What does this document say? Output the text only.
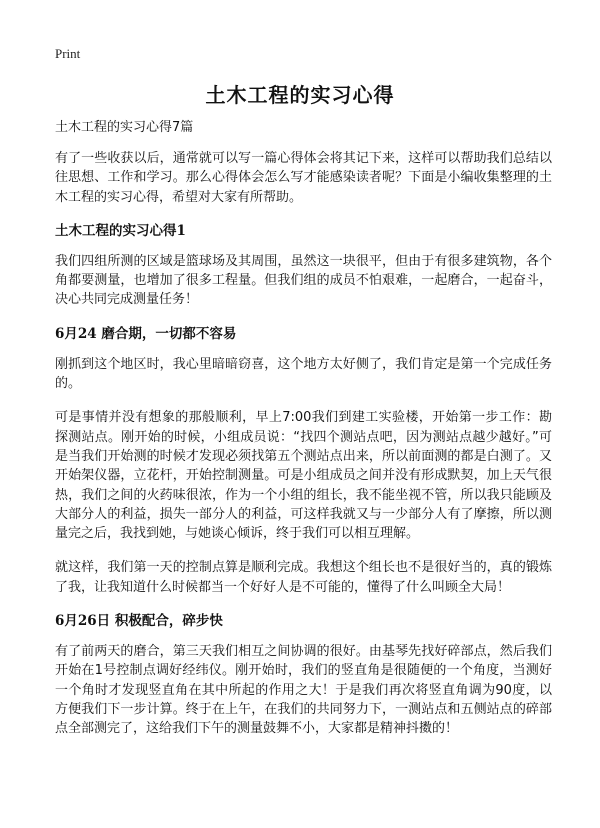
Print
土木工程的实习心得
土木工程的实习心得7篇

有了一些收获以后，通常就可以写一篇心得体会将其记下来，这样可以帮助我们总结以往思想、工作和学习。那么心得体会怎么写才能感染读者呢？下面是小编收集整理的土木工程的实习心得，希望对大家有所帮助。

土木工程的实习心得1

我们四组所测的区域是篮球场及其周围，虽然这一块很平，但由于有很多建筑物，各个角都要测量，也增加了很多工程量。但我们组的成员不怕艰难，一起磨合，一起奋斗，决心共同完成测量任务！

6月24 磨合期，一切都不容易

刚抓到这个地区时，我心里暗暗窃喜，这个地方太好侧了，我们肯定是第一个完成任务的。

可是事情并没有想象的那般顺利，早上7:00我们到建工实验楼，开始第一步工作：勘探测站点。刚开始的时候，小组成员说：“找四个测站点吧，因为测站点越少越好。”可是当我们开始测的时候才发现必须找第五个测站点出来，所以前面测的都是白测了。又开始架仪器，立花杆，开始控制测量。可是小组成员之间并没有形成默契，加上天气很热，我们之间的火药味很浓，作为一个小组的组长，我不能坐视不管，所以我只能顾及大部分人的利益，损失一部分人的利益，可这样我就又与一少部分人有了摩擦，所以测量完之后，我找到她，与她谈心倾诉，终于我们可以相互理解。

就这样，我们第一天的控制点算是顺利完成。我想这个组长也不是很好当的，真的锻炼了我，让我知道什么时候都当一个好好人是不可能的，懂得了什么叫顾全大局！

6月26日 积极配合，碎步快

有了前两天的磨合，第三天我们相互之间协调的很好。由基琴先找好碎部点，然后我们开始在1号控制点调好经纬仪。刚开始时，我们的竖直角是很随便的一个角度，当测好一个角时才发现竖直角在其中所起的作用之大！于是我们再次将竖直角调为90度，以方便我们下一步计算。终于在上午，在我们的共同努力下，一测站点和五侧站点的碎部点全部测完了，这给我们下午的测量鼓舞不小，大家都是精神抖擞的！
